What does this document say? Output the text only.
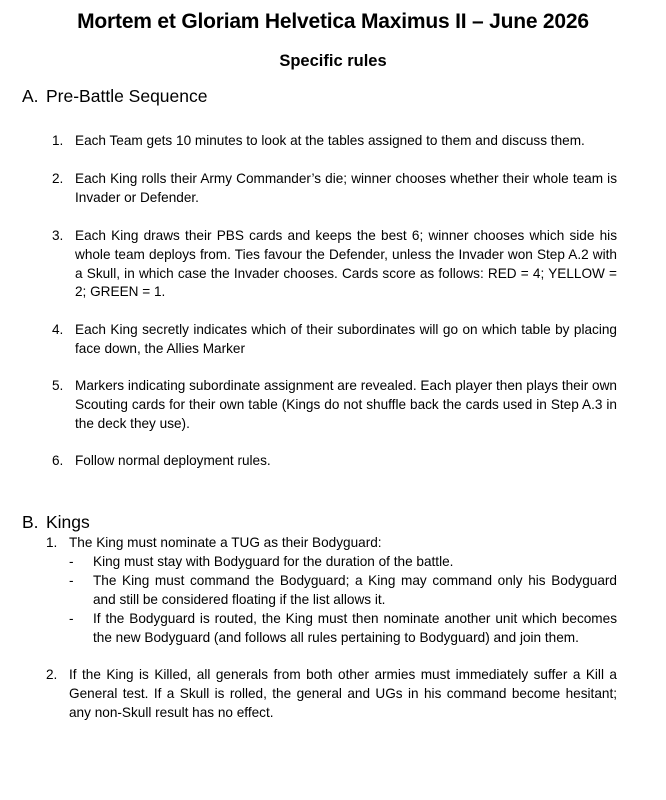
Mortem et Gloriam Helvetica Maximus II – June 2026
Specific rules
A. Pre-Battle Sequence
1. Each Team gets 10 minutes to look at the tables assigned to them and discuss them.
2. Each King rolls their Army Commander’s die; winner chooses whether their whole team is Invader or Defender.
3. Each King draws their PBS cards and keeps the best 6; winner chooses which side his whole team deploys from. Ties favour the Defender, unless the Invader won Step A.2 with a Skull, in which case the Invader chooses. Cards score as follows: RED = 4; YELLOW = 2; GREEN = 1.
4. Each King secretly indicates which of their subordinates will go on which table by placing face down, the Allies Marker
5. Markers indicating subordinate assignment are revealed. Each player then plays their own Scouting cards for their own table (Kings do not shuffle back the cards used in Step A.3 in the deck they use).
6. Follow normal deployment rules.
B. Kings
1. The King must nominate a TUG as their Bodyguard:
- King must stay with Bodyguard for the duration of the battle.
- The King must command the Bodyguard; a King may command only his Bodyguard and still be considered floating if the list allows it.
- If the Bodyguard is routed, the King must then nominate another unit which becomes the new Bodyguard (and follows all rules pertaining to Bodyguard) and join them.
2. If the King is Killed, all generals from both other armies must immediately suffer a Kill a General test. If a Skull is rolled, the general and UGs in his command become hesitant; any non-Skull result has no effect.
